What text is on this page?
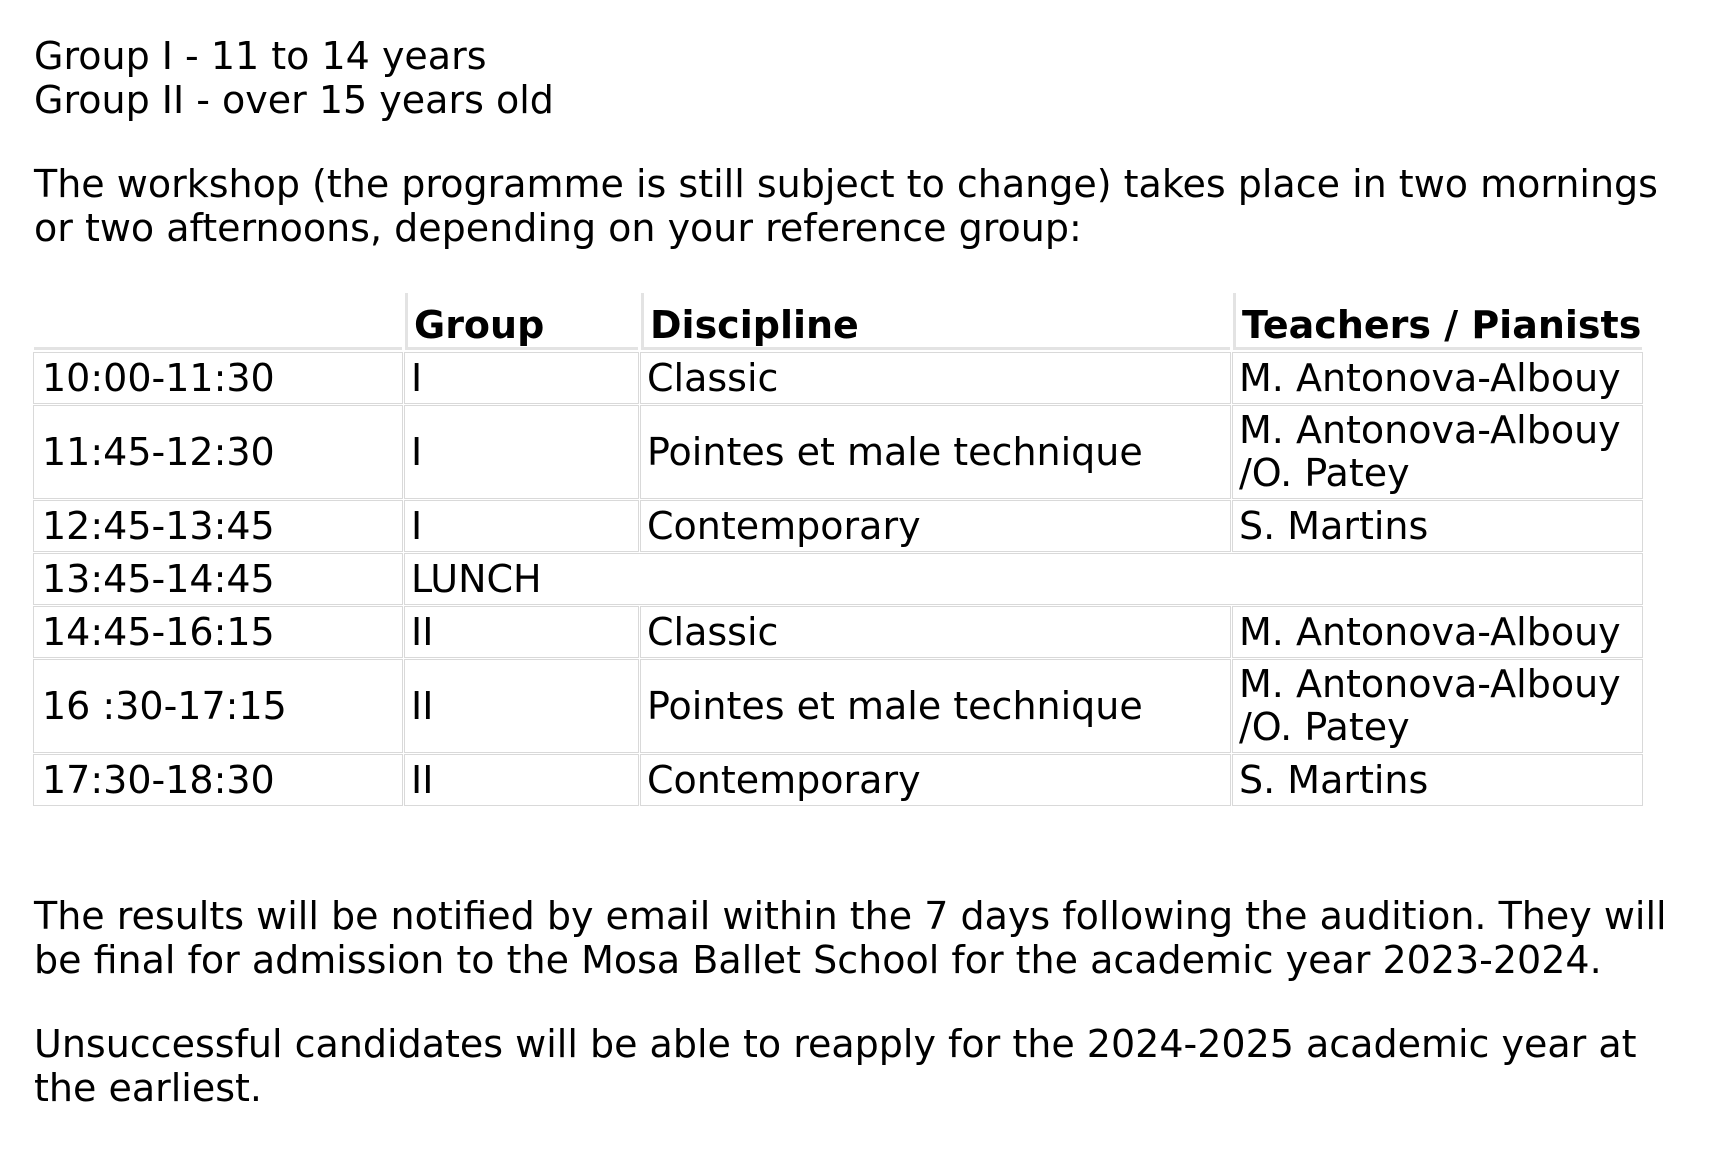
Group I - 11 to 14 years

Group II - over 15 years old

The workshop (the programme is still subject to change) takes place in two mornings or two afternoons, depending on your reference group:

	Group	Discipline	Teachers / Pianists
10:00-11:30	I	Classic	M. Antonova-Albouy
11:45-12:30	I	Pointes et male technique	M. Antonova-Albouy /O. Patey
12:45-13:45	I	Contemporary	S. Martins
13:45-14:45	LUNCH		
14:45-16:15	II	Classic	M. Antonova-Albouy
16 :30-17:15	II	Pointes et male technique	M. Antonova-Albouy /O. Patey
17:30-18:30	II	Contemporary	S. Martins

The results will be notified by email within the 7 days following the audition. They will be final for admission to the Mosa Ballet School for the academic year 2023-2024.

Unsuccessful candidates will be able to reapply for the 2024-2025 academic year at the earliest.
